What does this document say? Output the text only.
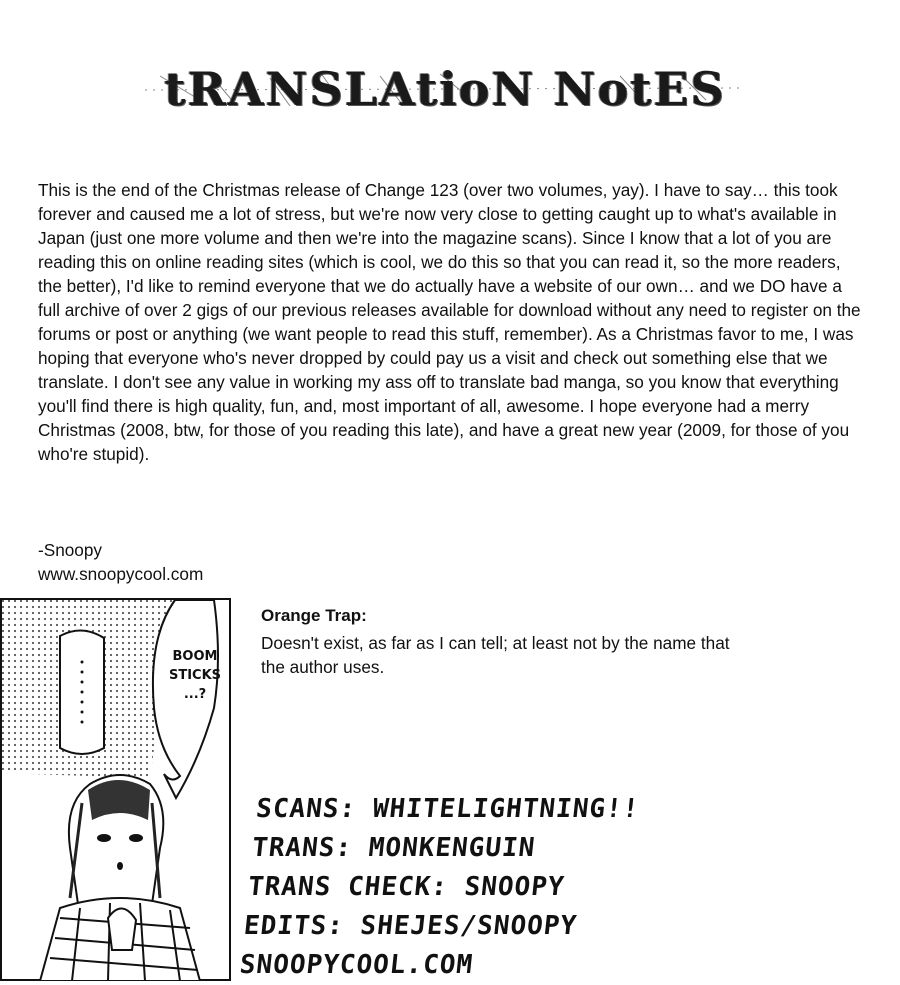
tRANSLAtioN NotES

This is the end of the Christmas release of Change 123 (over two volumes, yay). I have to say… this took forever and caused me a lot of stress, but we're now very close to getting caught up to what's available in Japan (just one more volume and then we're into the magazine scans). Since I know that a lot of you are reading this on online reading sites (which is cool, we do this so that you can read it, so the more readers, the better), I'd like to remind everyone that we do actually have a website of our own… and we DO have a full archive of over 2 gigs of our previous releases available for download without any need to register on the forums or post or anything (we want people to read this stuff, remember). As a Christmas favor to me, I was hoping that everyone who's never dropped by could pay us a visit and check out something else that we translate. I don't see any value in working my ass off to translate bad manga, so you know that everything you'll find there is high quality, fun, and, most important of all, awesome. I hope everyone had a merry Christmas (2008, btw, for those of you reading this late), and have a great new year (2009, for those of you who're stupid).

-Snoopy
www.snoopycool.com
BOOM
STICKS
...?
Orange Trap:
Doesn't exist, as far as I can tell; at least not by the name that the author uses.
SCANS: WHITELIGHTNING!!
TRANS: MONKENGUIN
TRANS CHECK: SNOOPY
EDITS: SHEJES/SNOOPY
SNOOPYCOOL.COM
